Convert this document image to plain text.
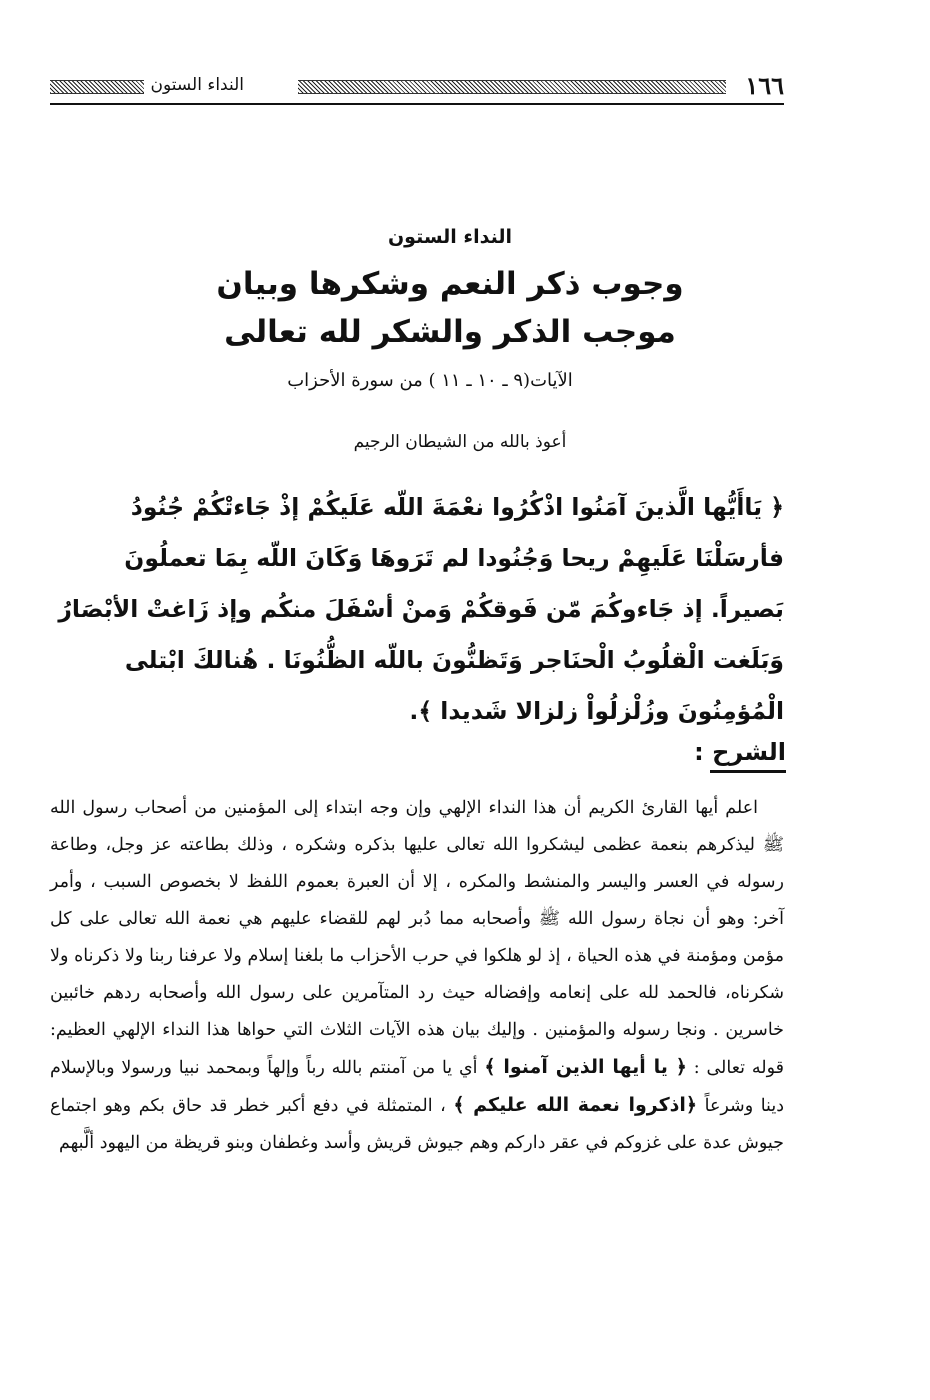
١٦٦
النداء الستون

النداء الستون

وجوب ذكر النعم وشكرها وبيان
موجب الذكر والشكر لله تعالى

الآيات(٩ ـ ١٠ ـ ١١ ) من سورة الأحزاب

أعوذ بالله من الشيطان الرجيم

﴿ يَاأَيُّها الَّذينَ آمَنُوا اذْكُرُوا نعْمَةَ اللّه عَلَيكُمْ إذْ جَاءتْكُمْ جُنُودُ

فأرسَلْنَا عَلَيهِمْ ريحا وَجُنُودا لم تَرَوهَا وَكَانَ اللّه بِمَا تعملُونَ

بَصيراً. إذ جَاءوكُمَ مّن فَوقكُمْ وَمنْ أسْفَلَ منكُم وإذ زَاغتْ الأبْصَارُ

وَبَلَغت الْقلُوبُ الْحنَاجر وَتَظنُّونَ باللّه الظُّنُونَا . هُنالكَ ابْتلى

الْمُؤمِنُونَ وزُلْزلُواْ زلزالا شَديدا ﴾.

الشرح :

اعلم أيها القارئ الكريم أن هذا النداء الإلهي وإن وجه ابتداء إلى المؤمنين من أصحاب رسول الله ﷺ ليذكرهم بنعمة عظمى ليشكروا الله تعالى عليها بذكره وشكره ، وذلك بطاعته عز وجل، وطاعة رسوله في العسر واليسر والمنشط والمكره ، إلا أن العبرة بعموم اللفظ لا بخصوص السبب ، وأمر آخر: وهو أن نجاة رسول الله ﷺ وأصحابه مما دُبر لهم للقضاء عليهم هي نعمة الله تعالى على كل مؤمن ومؤمنة في هذه الحياة ، إذ لو هلكوا في حرب الأحزاب ما بلغنا إسلام ولا عرفنا ربنا ولا ذكرناه ولا شكرناه، فالحمد لله على إنعامه وإفضاله حيث رد المتآمرين على رسول الله وأصحابه ردهم خائبين خاسرين . ونجا رسوله والمؤمنين . وإليك بيان هذه الآيات الثلاث التي حواها هذا النداء الإلهي العظيم: قوله تعالى : ﴿ يا أيها الذين آمنوا ﴾ أي يا من آمنتم بالله رباً وإلهاً وبمحمد نبيا ورسولا وبالإسلام دينا وشرعاً ﴿اذكروا نعمة الله عليكم ﴾ ، المتمثلة في دفع أكبر خطر قد حاق بكم وهو اجتماع جيوش عدة على غزوكم في عقر داركم وهم جيوش قريش وأسد وغطفان وبنو قريظة من اليهود ألَّبهم
